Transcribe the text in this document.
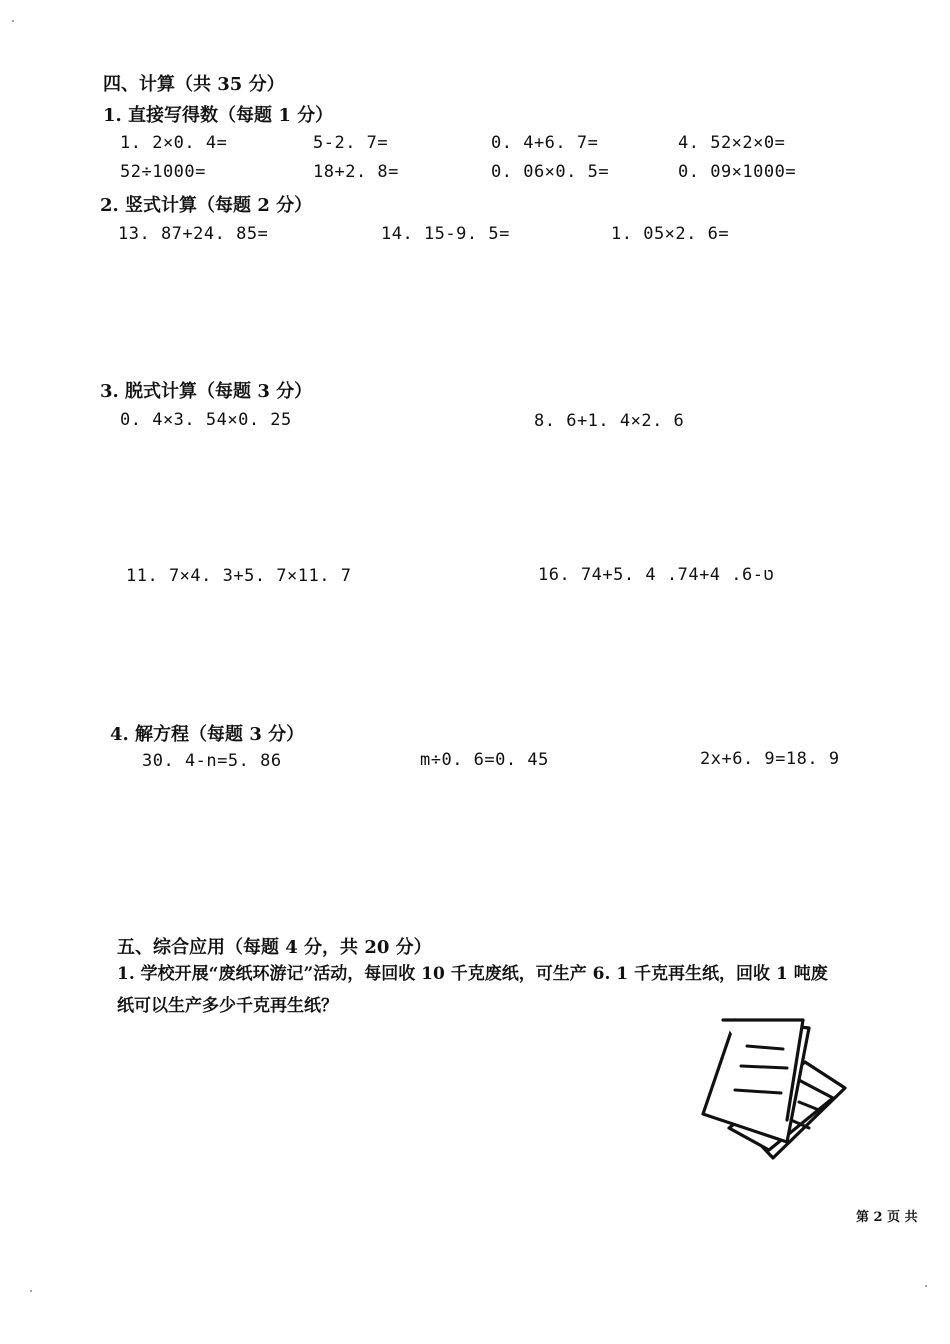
四、计算（共 35 分）
1. 直接写得数（每题 1 分）
1. 2×0. 4=	5-2. 7=	0. 4+6. 7=	4. 52×2×0=
52÷1000=	18+2. 8=	0. 06×0. 5=	0. 09×1000=
2. 竖式计算（每题 2 分）
13. 87+24. 85=	14. 15-9. 5=	1. 05×2. 6=
3. 脱式计算（每题 3 分）
0. 4×3. 54×0. 25	8. 6+1. 4×2. 6
11. 7×4. 3+5. 7×11. 7	16. 74+5. ט-6. 74+4. 4
4. 解方程（每题 3 分）
30. 4-n=5. 86	m÷0. 6=0. 45	2x+6. 9=18. 9
五、综合应用（每题 4 分，共 20 分）
1. 学校开展“废纸环游记”活动，每回收 10 千克废纸，可生产 6. 1 千克再生纸，回收 1 吨废
纸可以生产多少千克再生纸？
第 2 页 共
